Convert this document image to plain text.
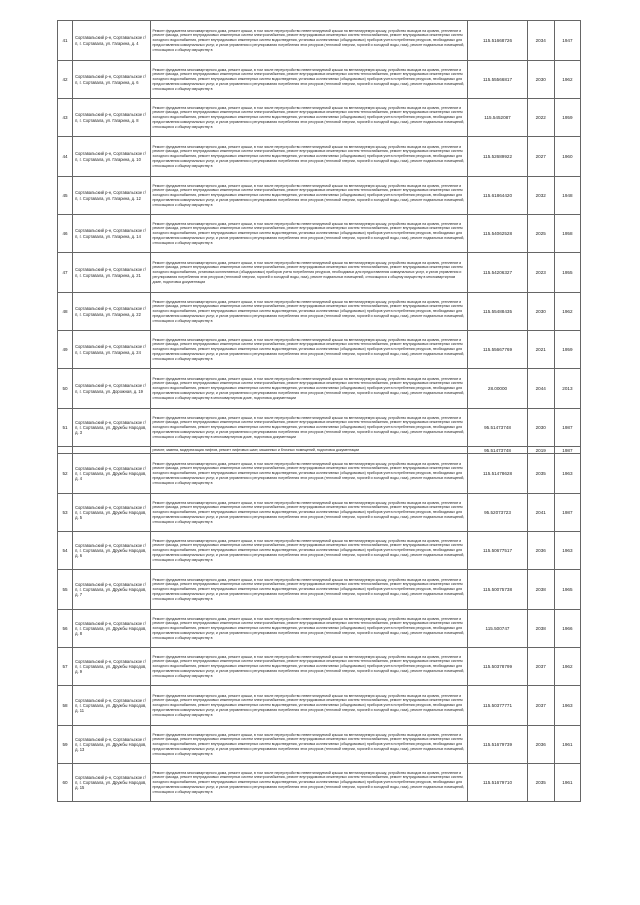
41	Сортавальский р-н, Сортавальское г/п, г. Сортавала, ул. Гагарина, д. 4	Ремонт фундамента многоквартирного дома, ремонт крыши, в том числе переустройство невентилируемой крыши на вентилируемую крышу, устройство выходов на кровлю, утепление и ремонт фасада, ремонт внутридомовых инженерных систем электроснабжения, ремонт внутридомовых инженерных систем теплоснабжения, ремонт внутридомовых инженерных систем холодного водоснабжения, ремонт внутридомовых инженерных систем водоотведения, установка коллективных (общедомовых) приборов учета потребления ресурсов, необходимых для предоставления коммунальных услуг, и узлов управления и регулирования потребления этих ресурсов (тепловой энергии, горячей и холодной воды, газа), ремонт подвальных помещений, относящихся к общему имуществу в	115.51668726	2034	1947
42	Сортавальский р-н, Сортавальское г/п, г. Сортавала, ул. Гагарина, д. 6	Ремонт фундамента многоквартирного дома, ремонт крыши, в том числе переустройство невентилируемой крыши на вентилируемую крышу, устройство выходов на кровлю, утепление и ремонт фасада, ремонт внутридомовых инженерных систем электроснабжения, ремонт внутридомовых инженерных систем теплоснабжения, ремонт внутридомовых инженерных систем холодного водоснабжения, ремонт внутридомовых инженерных систем водоотведения, установка коллективных (общедомовых) приборов учета потребления ресурсов, необходимых для предоставления коммунальных услуг, и узлов управления и регулирования потребления этих ресурсов (тепловой энергии, горячей и холодной воды, газа), ремонт подвальных помещений, относящихся к общему имуществу в	115.55566817	2030	1962
43	Сортавальский р-н, Сортавальское г/п, г. Сортавала, ул. Гагарина, д. 8	Ремонт фундамента многоквартирного дома, ремонт крыши, в том числе переустройство невентилируемой крыши на вентилируемую крышу, устройство выходов на кровлю, утепление и ремонт фасада, ремонт внутридомовых инженерных систем электроснабжения, ремонт внутридомовых инженерных систем теплоснабжения, ремонт внутридомовых инженерных систем холодного водоснабжения, ремонт внутридомовых инженерных систем водоотведения, установка коллективных (общедомовых) приборов учета потребления ресурсов, необходимых для предоставления коммунальных услуг, и узлов управления и регулирования потребления этих ресурсов (тепловой энергии, горячей и холодной воды, газа), ремонт подвальных помещений, относящихся к общему имуществу в	115.5452087	2022	1959
44	Сортавальский р-н, Сортавальское г/п, г. Сортавала, ул. Гагарина, д. 10	Ремонт фундамента многоквартирного дома, ремонт крыши, в том числе переустройство невентилируемой крыши на вентилируемую крышу, устройство выходов на кровлю, утепление и ремонт фасада, ремонт внутридомовых инженерных систем электроснабжения, ремонт внутридомовых инженерных систем теплоснабжения, ремонт внутридомовых инженерных систем холодного водоснабжения, ремонт внутридомовых инженерных систем водоотведения, установка коллективных (общедомовых) приборов учета потребления ресурсов, необходимых для предоставления коммунальных услуг, и узлов управления и регулирования потребления этих ресурсов (тепловой энергии, горячей и холодной воды, газа), ремонт подвальных помещений, относящихся к общему имуществу в	115.52689922	2027	1960
45	Сортавальский р-н, Сортавальское г/п, г. Сортавала, ул. Гагарина, д. 12	Ремонт фундамента многоквартирного дома, ремонт крыши, в том числе переустройство невентилируемой крыши на вентилируемую крышу, устройство выходов на кровлю, утепление и ремонт фасада, ремонт внутридомовых инженерных систем электроснабжения, ремонт внутридомовых инженерных систем теплоснабжения, ремонт внутридомовых инженерных систем холодного водоснабжения, ремонт внутридомовых инженерных систем водоотведения, установка коллективных (общедомовых) приборов учета потребления ресурсов, необходимых для предоставления коммунальных услуг, и узлов управления и регулирования потребления этих ресурсов (тепловой энергии, горячей и холодной воды, газа), ремонт подвальных помещений, относящихся к общему имуществу в	115.61864420	2032	1948
46	Сортавальский р-н, Сортавальское г/п, г. Сортавала, ул. Гагарина, д. 14	Ремонт фундамента многоквартирного дома, ремонт крыши, в том числе переустройство невентилируемой крыши на вентилируемую крышу, устройство выходов на кровлю, утепление и ремонт фасада, ремонт внутридомовых инженерных систем электроснабжения, ремонт внутридомовых инженерных систем теплоснабжения, ремонт внутридомовых инженерных систем холодного водоснабжения, ремонт внутридомовых инженерных систем водоотведения, установка коллективных (общедомовых) приборов учета потребления ресурсов, необходимых для предоставления коммунальных услуг, и узлов управления и регулирования потребления этих ресурсов (тепловой энергии, горячей и холодной воды, газа), ремонт подвальных помещений, относящихся к общему имуществу в	115.54062528	2025	1958
47	Сортавальский р-н, Сортавальское г/п, г. Сортавала, ул. Гагарина, д. 21	Ремонт фундамента многоквартирного дома, ремонт крыши, в том числе переустройство невентилируемой крыши на вентилируемую крышу, устройство выходов на кровлю, утепление и ремонт фасада, ремонт внутридомовых инженерных систем электроснабжения, ремонт внутридомовых инженерных систем теплоснабжения, ремонт внутридомовых инженерных систем холодного водоснабжения, установка коллективных (общедомовых) приборов учета потребления ресурсов, необходимых для предоставления коммунальных услуг, и узлов управления и регулирования потребления этих ресурсов (тепловой энергии, горячей и холодной воды, газа), ремонт подвальных помещений, относящихся к общему имуществу в многоквартирном доме, подготовка документации	115.54206327	2023	1955
48	Сортавальский р-н, Сортавальское г/п, г. Сортавала, ул. Гагарина, д. 22	Ремонт фундамента многоквартирного дома, ремонт крыши, в том числе переустройство невентилируемой крыши на вентилируемую крышу, устройство выходов на кровлю, утепление и ремонт фасада, ремонт внутридомовых инженерных систем электроснабжения, ремонт внутридомовых инженерных систем теплоснабжения, ремонт внутридомовых инженерных систем холодного водоснабжения, ремонт внутридомовых инженерных систем водоотведения, установка коллективных (общедомовых) приборов учета потребления ресурсов, необходимых для предоставления коммунальных услуг, и узлов управления и регулирования потребления этих ресурсов (тепловой энергии, горячей и холодной воды, газа), ремонт подвальных помещений, относящихся к общему имуществу в	115.55488435	2030	1962
49	Сортавальский р-н, Сортавальское г/п, г. Сортавала, ул. Гагарина, д. 24	Ремонт фундамента многоквартирного дома, ремонт крыши, в том числе переустройство невентилируемой крыши на вентилируемую крышу, устройство выходов на кровлю, утепление и ремонт фасада, ремонт внутридомовых инженерных систем электроснабжения, ремонт внутридомовых инженерных систем теплоснабжения, ремонт внутридомовых инженерных систем холодного водоснабжения, ремонт внутридомовых инженерных систем водоотведения, установка коллективных (общедомовых) приборов учета потребления ресурсов, необходимых для предоставления коммунальных услуг, и узлов управления и регулирования потребления этих ресурсов (тепловой энергии, горячей и холодной воды, газа), ремонт подвальных помещений, относящихся к общему имуществу в	115.55667769	2021	1959
50	Сортавальский р-н, Сортавальское г/п, г. Сортавала, ул. Дорожная, д. 19	Ремонт фундамента многоквартирного дома, ремонт крыши, в том числе переустройство невентилируемой крыши на вентилируемую крышу, устройство выходов на кровлю, утепление и ремонт фасада, ремонт внутридомовых инженерных систем электроснабжения, ремонт внутридомовых инженерных систем теплоснабжения, ремонт внутридомовых инженерных систем холодного водоснабжения, ремонт внутридомовых инженерных систем водоотведения, установка коллективных (общедомовых) приборов учета потребления ресурсов, необходимых для предоставления коммунальных услуг, и узлов управления и регулирования потребления этих ресурсов (тепловой энергии, горячей и холодной воды, газа), ремонт подвальных помещений, относящихся к общему имуществу в многоквартирном доме, подготовка документации	28.00000	2044	2013
51	Сортавальский р-н, Сортавальское г/п, г. Сортавала, ул. Дружбы Народов, д. 3	Ремонт фундамента многоквартирного дома, ремонт крыши, в том числе переустройство невентилируемой крыши на вентилируемую крышу, устройство выходов на кровлю, утепление и ремонт фасада, ремонт внутридомовых инженерных систем электроснабжения, ремонт внутридомовых инженерных систем теплоснабжения, ремонт внутридомовых инженерных систем холодного водоснабжения, ремонт внутридомовых инженерных систем водоотведения, установка коллективных (общедомовых) приборов учета потребления ресурсов, необходимых для предоставления коммунальных услуг, и узлов управления и регулирования потребления этих ресурсов (тепловой энергии, горячей и холодной воды, газа), ремонт подвальных помещений, относящихся к общему имуществу в многоквартирном доме, подготовка документации	95.51473748	2030	1987
		ремонт, замена, модернизация лифтов, ремонт лифтовых шахт, машинных и блочных помещений, подготовка документации	95.51473748	2019	1987
52	Сортавальский р-н, Сортавальское г/п, г. Сортавала, ул. Дружбы Народов, д. 4	Ремонт фундамента многоквартирного дома, ремонт крыши, в том числе переустройство невентилируемой крыши на вентилируемую крышу, устройство выходов на кровлю, утепление и ремонт фасада, ремонт внутридомовых инженерных систем электроснабжения, ремонт внутридомовых инженерных систем теплоснабжения, ремонт внутридомовых инженерных систем холодного водоснабжения, ремонт внутридомовых инженерных систем водоотведения, установка коллективных (общедомовых) приборов учета потребления ресурсов, необходимых для предоставления коммунальных услуг, и узлов управления и регулирования потребления этих ресурсов (тепловой энергии, горячей и холодной воды, газа), ремонт подвальных помещений, относящихся к общему имуществу в	115.51478628	2035	1963
53	Сортавальский р-н, Сортавальское г/п, г. Сортавала, ул. Дружбы Народов, д. 5	Ремонт фундамента многоквартирного дома, ремонт крыши, в том числе переустройство невентилируемой крыши на вентилируемую крышу, устройство выходов на кровлю, утепление и ремонт фасада, ремонт внутридомовых инженерных систем электроснабжения, ремонт внутридомовых инженерных систем теплоснабжения, ремонт внутридомовых инженерных систем холодного водоснабжения, ремонт внутридомовых инженерных систем водоотведения, установка коллективных (общедомовых) приборов учета потребления ресурсов, необходимых для предоставления коммунальных услуг, и узлов управления и регулирования потребления этих ресурсов (тепловой энергии, горячей и холодной воды, газа), ремонт подвальных помещений, относящихся к общему имуществу в	95.52073723	2041	1987
54	Сортавальский р-н, Сортавальское г/п, г. Сортавала, ул. Дружбы Народов, д. 6	Ремонт фундамента многоквартирного дома, ремонт крыши, в том числе переустройство невентилируемой крыши на вентилируемую крышу, устройство выходов на кровлю, утепление и ремонт фасада, ремонт внутридомовых инженерных систем электроснабжения, ремонт внутридомовых инженерных систем теплоснабжения, ремонт внутридомовых инженерных систем холодного водоснабжения, ремонт внутридомовых инженерных систем водоотведения, установка коллективных (общедомовых) приборов учета потребления ресурсов, необходимых для предоставления коммунальных услуг, и узлов управления и регулирования потребления этих ресурсов (тепловой энергии, горячей и холодной воды, газа), ремонт подвальных помещений, относящихся к общему имуществу в	115.50677517	2036	1963
55	Сортавальский р-н, Сортавальское г/п, г. Сортавала, ул. Дружбы Народов, д. 7	Ремонт фундамента многоквартирного дома, ремонт крыши, в том числе переустройство невентилируемой крыши на вентилируемую крышу, устройство выходов на кровлю, утепление и ремонт фасада, ремонт внутридомовых инженерных систем электроснабжения, ремонт внутридомовых инженерных систем теплоснабжения, ремонт внутридомовых инженерных систем холодного водоснабжения, ремонт внутридомовых инженерных систем водоотведения, установка коллективных (общедомовых) приборов учета потребления ресурсов, необходимых для предоставления коммунальных услуг, и узлов управления и регулирования потребления этих ресурсов (тепловой энергии, горячей и холодной воды, газа), ремонт подвальных помещений, относящихся к общему имуществу в	115.50075738	2038	1965
56	Сортавальский р-н, Сортавальское г/п, г. Сортавала, ул. Дружбы Народов, д. 8	Ремонт фундамента многоквартирного дома, ремонт крыши, в том числе переустройство невентилируемой крыши на вентилируемую крышу, устройство выходов на кровлю, утепление и ремонт фасада, ремонт внутридомовых инженерных систем электроснабжения, ремонт внутридомовых инженерных систем теплоснабжения, ремонт внутридомовых инженерных систем холодного водоснабжения, ремонт внутридомовых инженерных систем водоотведения, установка коллективных (общедомовых) приборов учета потребления ресурсов, необходимых для предоставления коммунальных услуг, и узлов управления и регулирования потребления этих ресурсов (тепловой энергии, горячей и холодной воды, газа), ремонт подвальных помещений, относящихся к общему имуществу в	115.500747	2038	1966
57	Сортавальский р-н, Сортавальское г/п, г. Сортавала, ул. Дружбы Народов, д. 9	Ремонт фундамента многоквартирного дома, ремонт крыши, в том числе переустройство невентилируемой крыши на вентилируемую крышу, устройство выходов на кровлю, утепление и ремонт фасада, ремонт внутридомовых инженерных систем электроснабжения, ремонт внутридомовых инженерных систем теплоснабжения, ремонт внутридомовых инженерных систем холодного водоснабжения, ремонт внутридомовых инженерных систем водоотведения, установка коллективных (общедомовых) приборов учета потребления ресурсов, необходимых для предоставления коммунальных услуг, и узлов управления и регулирования потребления этих ресурсов (тепловой энергии, горячей и холодной воды, газа), ремонт подвальных помещений, относящихся к общему имуществу в	115.50378799	2037	1962
58	Сортавальский р-н, Сортавальское г/п, г. Сортавала, ул. Дружбы Народов, д. 11	Ремонт фундамента многоквартирного дома, ремонт крыши, в том числе переустройство невентилируемой крыши на вентилируемую крышу, устройство выходов на кровлю, утепление и ремонт фасада, ремонт внутридомовых инженерных систем электроснабжения, ремонт внутридомовых инженерных систем теплоснабжения, ремонт внутридомовых инженерных систем холодного водоснабжения, ремонт внутридомовых инженерных систем водоотведения, установка коллективных (общедомовых) приборов учета потребления ресурсов, необходимых для предоставления коммунальных услуг, и узлов управления и регулирования потребления этих ресурсов (тепловой энергии, горячей и холодной воды, газа), ремонт подвальных помещений, относящихся к общему имуществу в	115.50377771	2037	1963
59	Сортавальский р-н, Сортавальское г/п, г. Сортавала, ул. Дружбы Народов, д. 13	Ремонт фундамента многоквартирного дома, ремонт крыши, в том числе переустройство невентилируемой крыши на вентилируемую крышу, устройство выходов на кровлю, утепление и ремонт фасада, ремонт внутридомовых инженерных систем электроснабжения, ремонт внутридомовых инженерных систем теплоснабжения, ремонт внутридомовых инженерных систем холодного водоснабжения, ремонт внутридомовых инженерных систем водоотведения, установка коллективных (общедомовых) приборов учета потребления ресурсов, необходимых для предоставления коммунальных услуг, и узлов управления и регулирования потребления этих ресурсов (тепловой энергии, горячей и холодной воды, газа), ремонт подвальных помещений, относящихся к общему имуществу в	115.51679739	2036	1961
60	Сортавальский р-н, Сортавальское г/п, г. Сортавала, ул. Дружбы Народов, д. 15	Ремонт фундамента многоквартирного дома, ремонт крыши, в том числе переустройство невентилируемой крыши на вентилируемую крышу, устройство выходов на кровлю, утепление и ремонт фасада, ремонт внутридомовых инженерных систем электроснабжения, ремонт внутридомовых инженерных систем теплоснабжения, ремонт внутридомовых инженерных систем холодного водоснабжения, ремонт внутридомовых инженерных систем водоотведения, установка коллективных (общедомовых) приборов учета потребления ресурсов, необходимых для предоставления коммунальных услуг, и узлов управления и регулирования потребления этих ресурсов (тепловой энергии, горячей и холодной воды, газа), ремонт подвальных помещений, относящихся к общему имуществу в	115.51679710	2035	1961
